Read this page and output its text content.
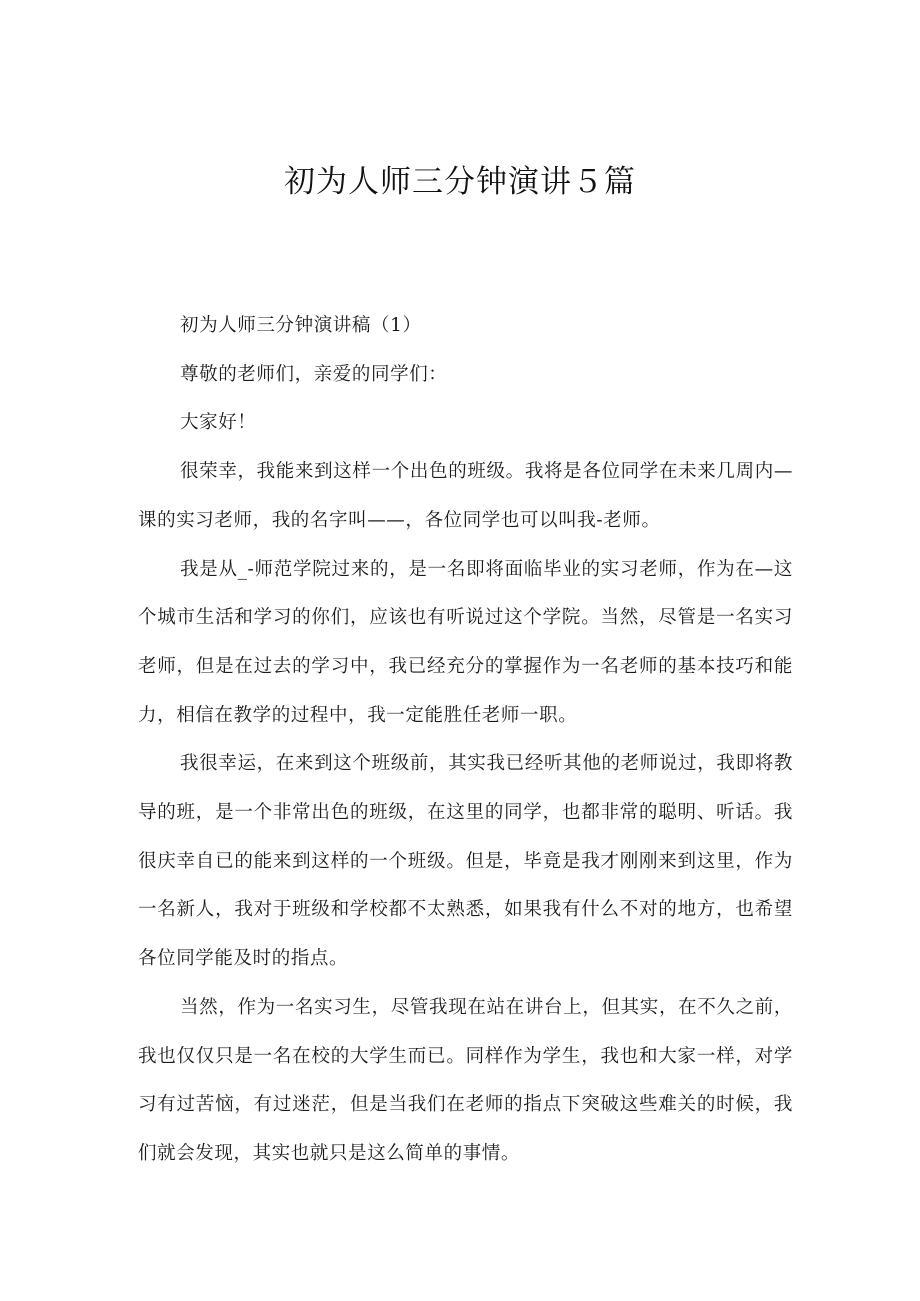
初为人师三分钟演讲５篇

初为人师三分钟演讲稿（1）

尊敬的老师们，亲爱的同学们：

大家好！

很荣幸，我能来到这样一个出色的班级。我将是各位同学在未来几周内—课的实习老师，我的名字叫——，各位同学也可以叫我-老师。

我是从_-师范学院过来的，是一名即将面临毕业的实习老师，作为在—这个城市生活和学习的你们，应该也有听说过这个学院。当然，尽管是一名实习老师，但是在过去的学习中，我已经充分的掌握作为一名老师的基本技巧和能力，相信在教学的过程中，我一定能胜任老师一职。

我很幸运，在来到这个班级前，其实我已经听其他的老师说过，我即将教导的班，是一个非常出色的班级，在这里的同学，也都非常的聪明、听话。我很庆幸自已的能来到这样的一个班级。但是，毕竟是我才刚刚来到这里，作为一名新人，我对于班级和学校都不太熟悉，如果我有什么不对的地方，也希望各位同学能及时的指点。

当然，作为一名实习生，尽管我现在站在讲台上，但其实，在不久之前，我也仅仅只是一名在校的大学生而已。同样作为学生，我也和大家一样，对学习有过苦恼，有过迷茫，但是当我们在老师的指点下突破这些难关的时候，我们就会发现，其实也就只是这么简单的事情。
